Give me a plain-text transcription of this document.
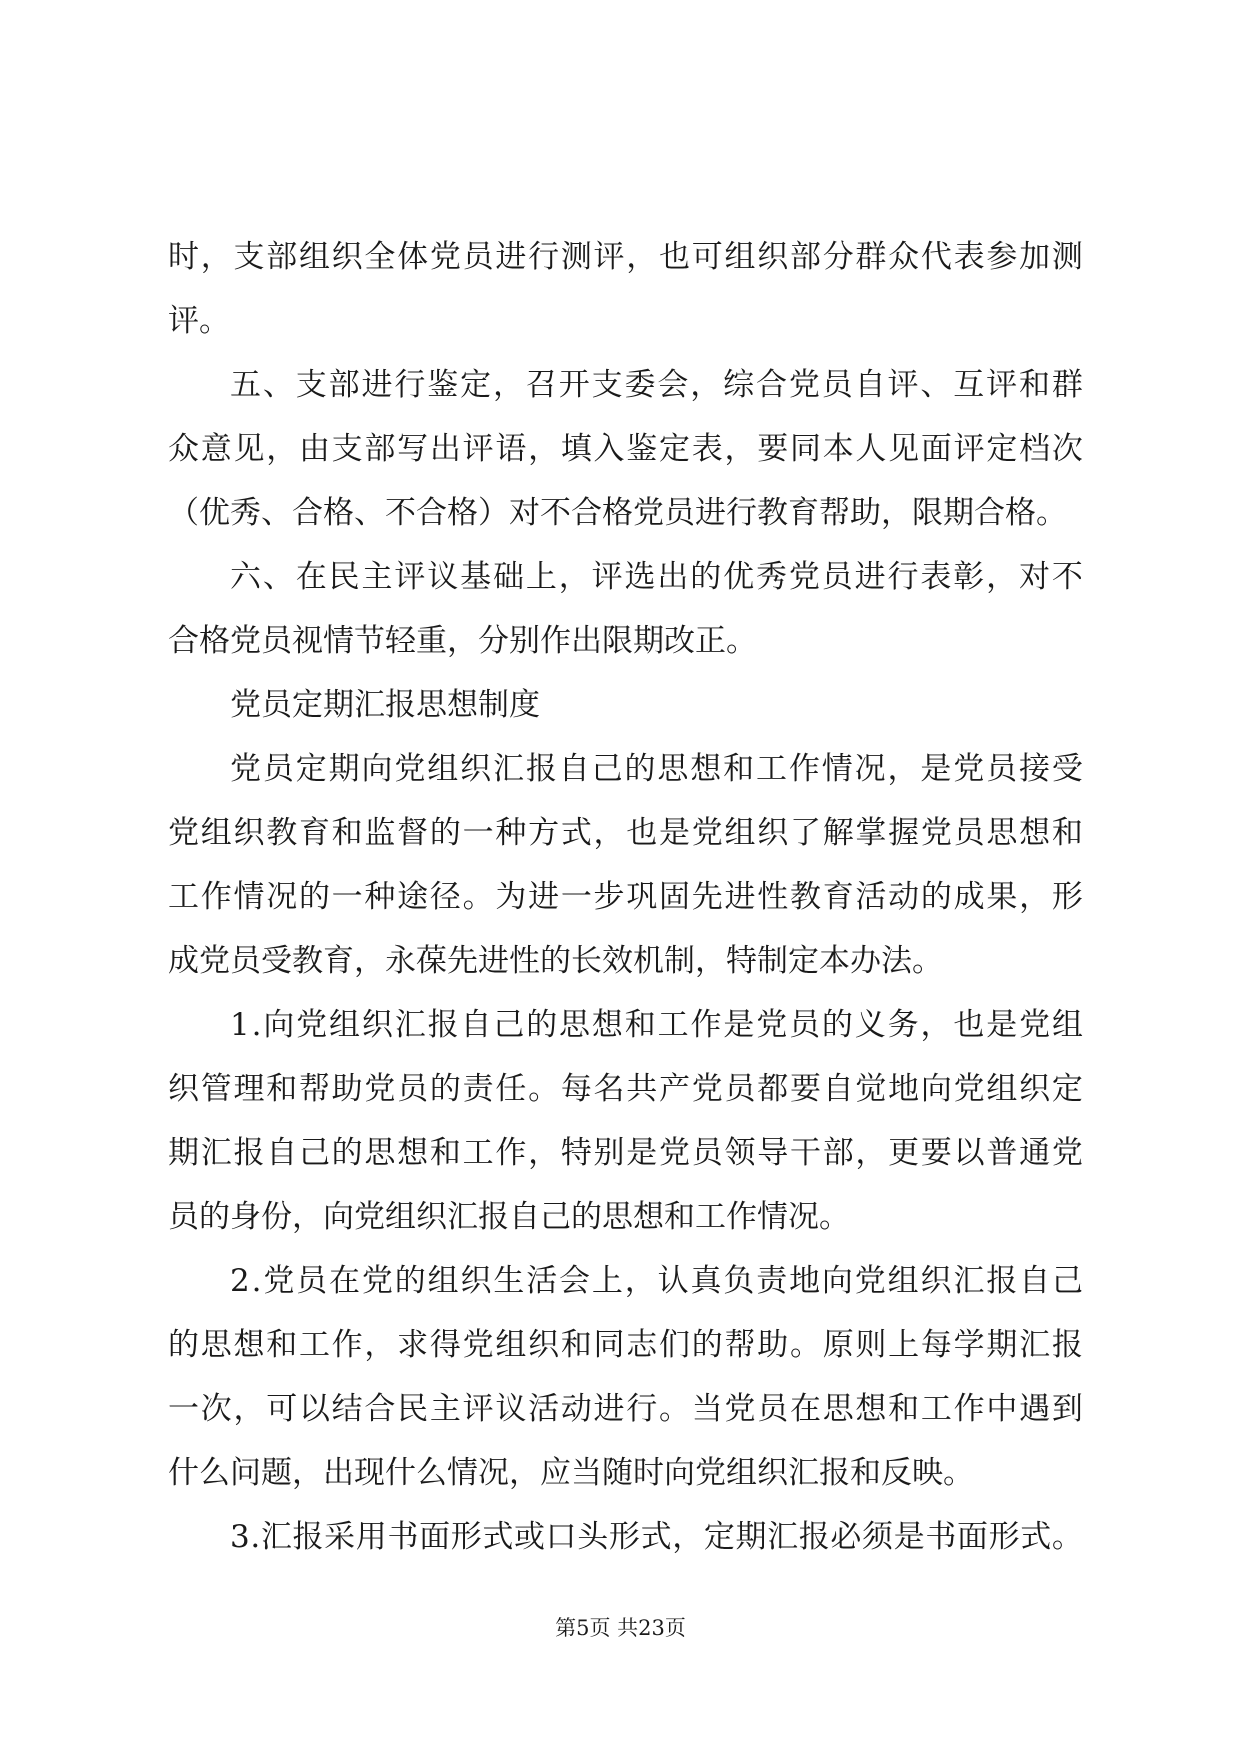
时 ， 支 部 组 织 全 体 党 员 进 行 测 评 ， 也 可 组 织 部 分 群 众 代 表 参 加 测
评。
五 、 支 部 进 行 鉴 定 ， 召 开 支 委 会 ， 综 合 党 员 自 评 、 互 评 和 群
众 意 见 ， 由 支 部 写 出 评 语 ， 填 入 鉴 定 表 ， 要 同 本 人 见 面 评 定 档 次
（优秀、合格、不合格）对不合格党员进行教育帮助，限期合格。
六 、 在 民 主 评 议 基 础 上 ， 评 选 出 的 优 秀 党 员 进 行 表 彰 ， 对 不
合格党员视情节轻重，分别作出限期改正。
党员定期汇报思想制度
党 员 定 期 向 党 组 织 汇 报 自 己 的 思 想 和 工 作 情 况 ， 是 党 员 接 受
党 组 织 教 育 和 监 督 的 一 种 方 式 ， 也 是 党 组 织 了 解 掌 握 党 员 思 想 和
工 作 情 况 的 一 种 途 径 。 为 进 一 步 巩 固 先 进 性 教 育 活 动 的 成 果 ， 形
成党员受教育，永葆先进性的长效机制，特制定本办法。
1 . 向 党 组 织 汇 报 自 己 的 思 想 和 工 作 是 党 员 的 义 务 ， 也 是 党 组
织 管 理 和 帮 助 党 员 的 责 任 。 每 名 共 产 党 员 都 要 自 觉 地 向 党 组 织 定
期 汇 报 自 己 的 思 想 和 工 作 ， 特 别 是 党 员 领 导 干 部 ， 更 要 以 普 通 党
员的身份，向党组织汇报自己的思想和工作情况。
2 . 党 员 在 党 的 组 织 生 活 会 上 ， 认 真 负 责 地 向 党 组 织 汇 报 自 己
的 思 想 和 工 作 ， 求 得 党 组 织 和 同 志 们 的 帮 助 。 原 则 上 每 学 期 汇 报
一 次 ， 可 以 结 合 民 主 评 议 活 动 进 行 。 当 党 员 在 思 想 和 工 作 中 遇 到
什么问题，出现什么情况，应当随时向党组织汇报和反映。
3 . 汇 报 采 用 书 面 形 式 或 口 头 形 式 ， 定 期 汇 报 必 须 是 书 面 形 式 。
第5页 共23页
